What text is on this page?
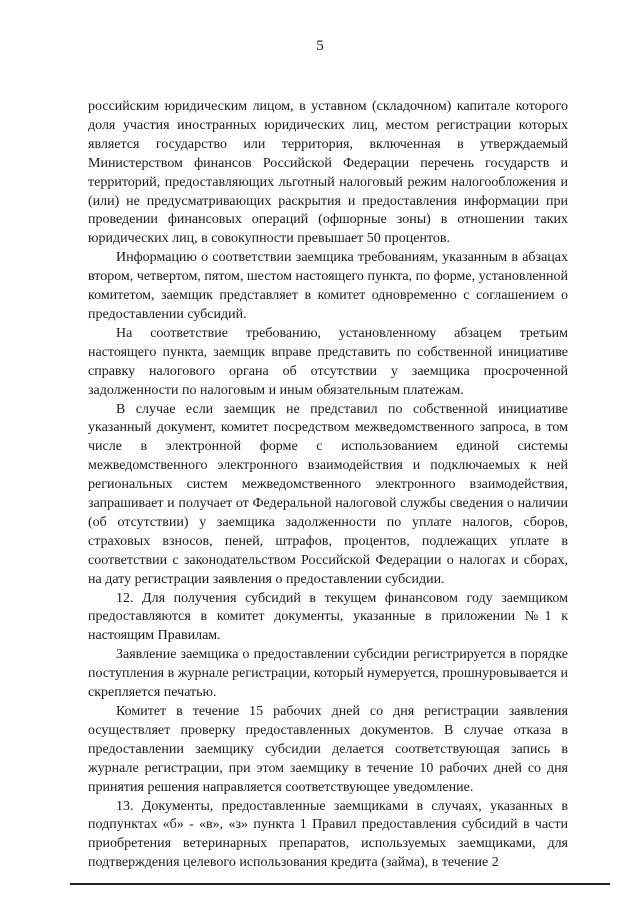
5

российским юридическим лицом, в уставном (складочном) капитале которого доля участия иностранных юридических лиц, местом регистрации которых является государство или территория, включенная в утверждаемый Министерством финансов Российской Федерации перечень государств и территорий, предоставляющих льготный налоговый режим налогообложения и (или) не предусматривающих раскрытия и предоставления информации при проведении финансовых операций (офшорные зоны) в отношении таких юридических лиц, в совокупности превышает 50 процентов.

Информацию о соответствии заемщика требованиям, указанным в абзацах втором, четвертом, пятом, шестом настоящего пункта, по форме, установленной комитетом, заемщик представляет в комитет одновременно с соглашением о предоставлении субсидий.

На соответствие требованию, установленному абзацем третьим настоящего пункта, заемщик вправе представить по собственной инициативе справку налогового органа об отсутствии у заемщика просроченной задолженности по налоговым и иным обязательным платежам.

В случае если заемщик не представил по собственной инициативе указанный документ, комитет посредством межведомственного запроса, в том числе в электронной форме с использованием единой системы межведомственного электронного взаимодействия и подключаемых к ней региональных систем межведомственного электронного взаимодействия, запрашивает и получает от Федеральной налоговой службы сведения о наличии (об отсутствии) у заемщика задолженности по уплате налогов, сборов, страховых взносов, пеней, штрафов, процентов, подлежащих уплате в соответствии с законодательством Российской Федерации о налогах и сборах, на дату регистрации заявления о предоставлении субсидии.

12. Для получения субсидий в текущем финансовом году заемщиком предоставляются в комитет документы, указанные в приложении №1 к настоящим Правилам.

Заявление заемщика о предоставлении субсидии регистрируется в порядке поступления в журнале регистрации, который нумеруется, прошнуровывается и скрепляется печатью.

Комитет в течение 15 рабочих дней со дня регистрации заявления осуществляет проверку предоставленных документов. В случае отказа в предоставлении заемщику субсидии делается соответствующая запись в журнале регистрации, при этом заемщику в течение 10 рабочих дней со дня принятия решения направляется соответствующее уведомление.

13. Документы, предоставленные заемщиками в случаях, указанных в подпунктах «б» - «в», «з» пункта 1 Правил предоставления субсидий в части приобретения ветеринарных препаратов, используемых заемщиками, для подтверждения целевого использования кредита (займа), в течение 2
